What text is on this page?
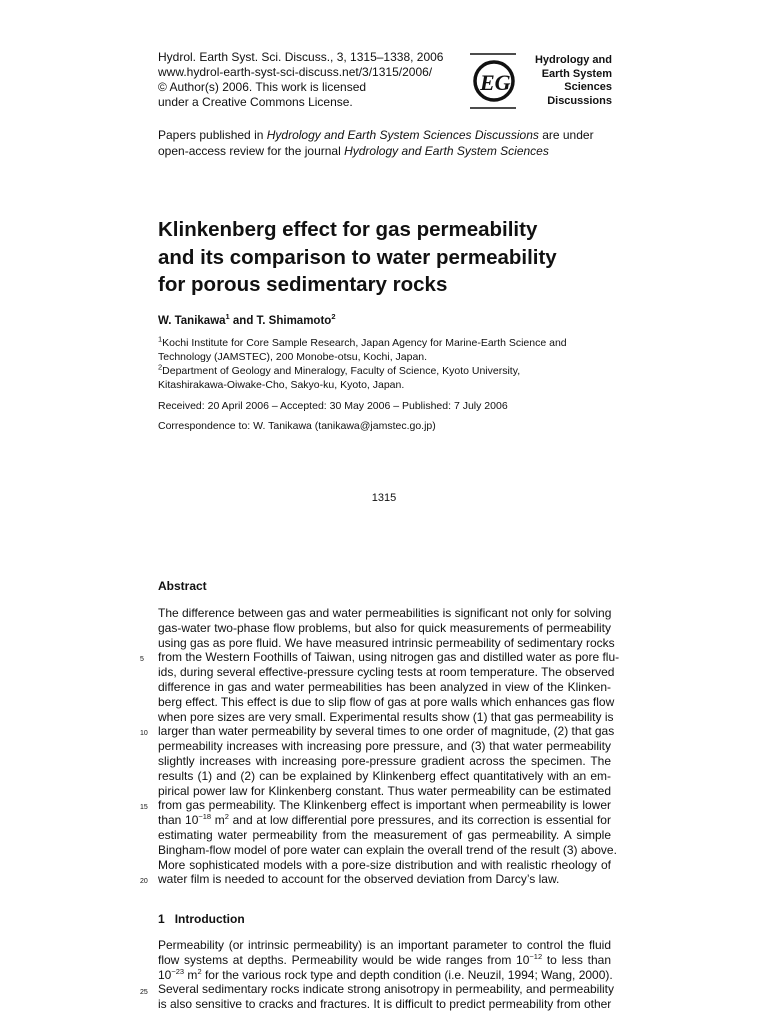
Hydrol. Earth Syst. Sci. Discuss., 3, 1315–1338, 2006
www.hydrol-earth-syst-sci-discuss.net/3/1315/2006/
© Author(s) 2006. This work is licensed
under a Creative Commons License.
EG
Hydrology and
Earth System
Sciences
Discussions
Papers published in Hydrology and Earth System Sciences Discussions are under
open-access review for the journal Hydrology and Earth System Sciences
Klinkenberg effect for gas permeability
and its comparison to water permeability
for porous sedimentary rocks
W. Tanikawa$^1$ and T. Shimamoto$^2$
$^1$Kochi Institute for Core Sample Research, Japan Agency for Marine-Earth Science and
Technology (JAMSTEC), 200 Monobe-otsu, Kochi, Japan.
$^2$Department of Geology and Mineralogy, Faculty of Science, Kyoto University,
Kitashirakawa-Oiwake-Cho, Sakyo-ku, Kyoto, Japan.
Received: 20 April 2006 – Accepted: 30 May 2006 – Published: 7 July 2006
Correspondence to: W. Tanikawa (tanikawa@jamstec.go.jp)
1315
Abstract
The difference between gas and water permeabilities is significant not only for solving
gas-water two-phase flow problems, but also for quick measurements of permeability
using gas as pore fluid. We have measured intrinsic permeability of sedimentary rocks
from the Western Foothills of Taiwan, using nitrogen gas and distilled water as pore flu-
ids, during several effective-pressure cycling tests at room temperature. The observed
difference in gas and water permeabilities has been analyzed in view of the Klinken-
berg effect. This effect is due to slip flow of gas at pore walls which enhances gas flow
when pore sizes are very small. Experimental results show (1) that gas permeability is
larger than water permeability by several times to one order of magnitude, (2) that gas
permeability increases with increasing pore pressure, and (3) that water permeability
slightly increases with increasing pore-pressure gradient across the specimen. The
results (1) and (2) can be explained by Klinkenberg effect quantitatively with an em-
pirical power law for Klinkenberg constant. Thus water permeability can be estimated
from gas permeability. The Klinkenberg effect is important when permeability is lower
than $10^{-18}$ $m^2$ and at low differential pore pressures, and its correction is essential for
estimating water permeability from the measurement of gas permeability. A simple
Bingham-flow model of pore water can explain the overall trend of the result (3) above.
More sophisticated models with a pore-size distribution and with realistic rheology of
water film is needed to account for the observed deviation from Darcy’s law.
5
10
15
20
1 Introduction
Permeability (or intrinsic permeability) is an important parameter to control the fluid
flow systems at depths. Permeability would be wide ranges from $10^{-12}$ to less than
$10^{-23}$ $m^2$ for the various rock type and depth condition (i.e. Neuzil, 1994; Wang, 2000).
Several sedimentary rocks indicate strong anisotropy in permeability, and permeability
is also sensitive to cracks and fractures. It is difficult to predict permeability from other
25
